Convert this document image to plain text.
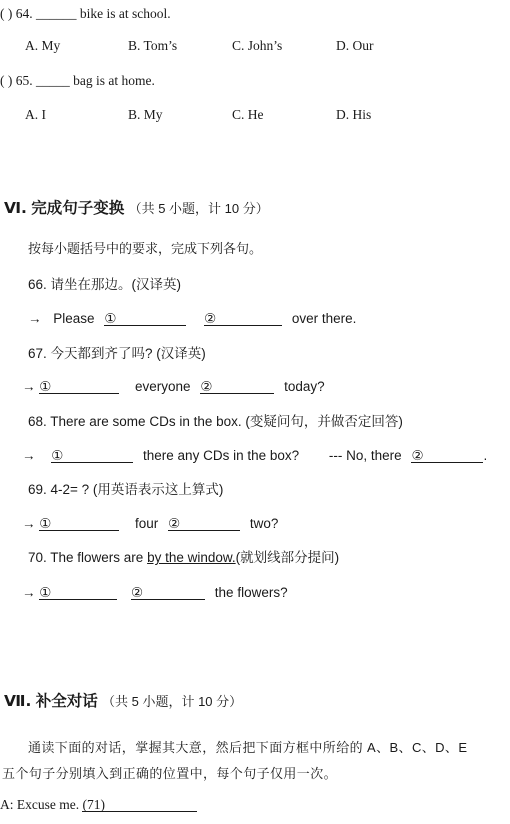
( ) 64. ______ bike is at school.
A. My	B. Tom’s	C. John’s	D. Our
( ) 65. _____ bag is at home.
A. I	B. My	C. He	D. His
Ⅵ. 完成句子变换 （共 5 小题，计 10 分）
按每小题括号中的要求，完成下列各句。
66. 请坐在那边。(汉译英)
→ Please ①	②	over there.
67. 今天都到齐了吗? (汉译英)
→ ①	everyone ②	today?
68. There are some CDs in the box. (变疑问句，并做否定回答)
→ ①	there any CDs in the box? --- No, there ②	.
69. 4-2= ? (用英语表示这上算式)
→ ①	four ②	two?
70. The flowers are by the window.(就划线部分提问)
→ ①	②	the flowers?
Ⅶ. 补全对话 （共 5 小题，计 10 分）
通读下面的对话，掌握其大意，然后把下面方框中所给的 A、B、C、D、E
五个句子分别填入到正确的位置中，每个句子仅用一次。
A: Excuse me. (71)
